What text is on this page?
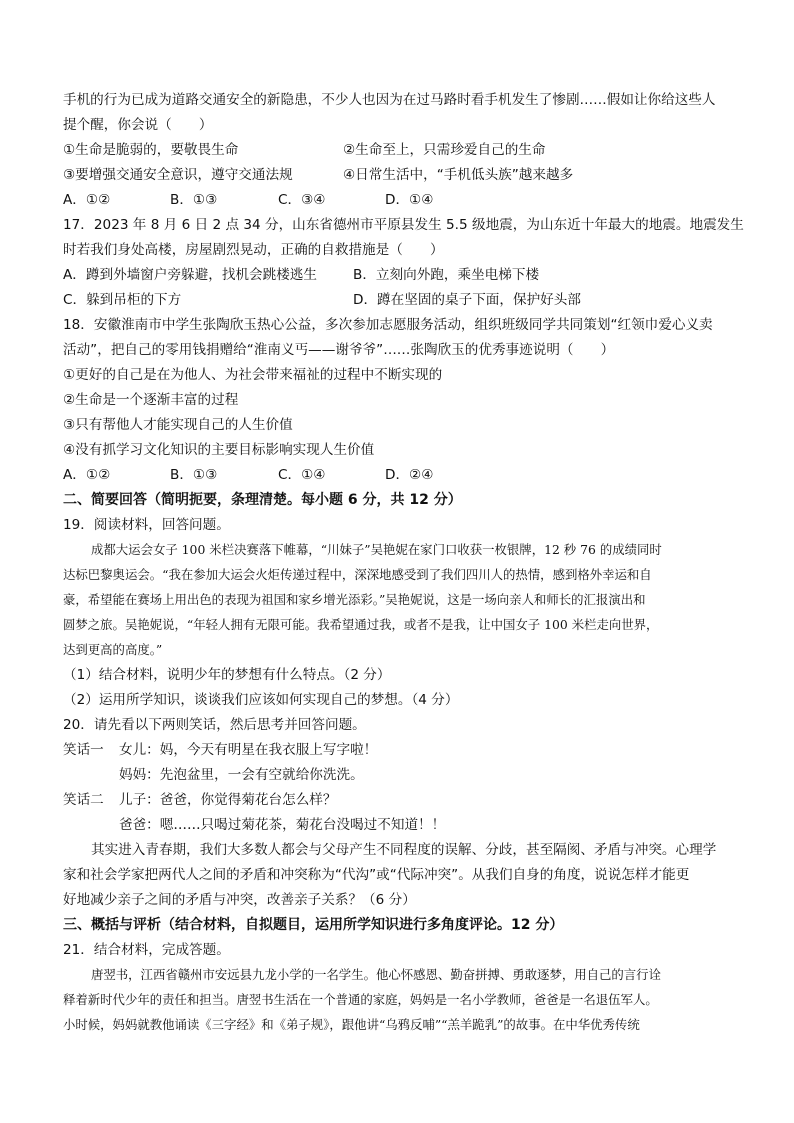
手机的行为已成为道路交通安全的新隐患，不少人也因为在过马路时看手机发生了惨剧……假如让你给这些人
提个醒，你会说（　　）
①生命是脆弱的，要敬畏生命	②生命至上，只需珍爱自己的生命
③要增强交通安全意识，遵守交通法规	④日常生活中，“手机低头族”越来越多
A．①②	B．①③	C．③④	D．①④
17．2023 年 8 月 6 日 2 点 34 分，山东省德州市平原县发生 5.5 级地震，为山东近十年最大的地震。地震发生
时若我们身处高楼，房屋剧烈晃动，正确的自救措施是（　　）
A．蹲到外墙窗户旁躲避，找机会跳楼逃生	B．立刻向外跑，乘坐电梯下楼
C．躲到吊柜的下方	D．蹲在坚固的桌子下面，保护好头部
18．安徽淮南市中学生张陶欣玉热心公益，多次参加志愿服务活动，组织班级同学共同策划“红领巾爱心义卖
活动”，把自己的零用钱捐赠给“淮南义丐——谢爷爷”……张陶欣玉的优秀事迹说明（　　）
①更好的自己是在为他人、为社会带来福祉的过程中不断实现的
②生命是一个逐渐丰富的过程
③只有帮他人才能实现自己的人生价值
④没有抓学习文化知识的主要目标影响实现人生价值
A．①②	B．①③	C．①④	D．②④
二、简要回答（简明扼要，条理清楚。每小题 6 分，共 12 分）
19．阅读材料，回答问题。
成都大运会女子 100 米栏决赛落下帷幕，“川妹子”吴艳妮在家门口收获一枚银牌，12 秒 76 的成绩同时
达标巴黎奥运会。“我在参加大运会火炬传递过程中，深深地感受到了我们四川人的热情，感到格外幸运和自
豪，希望能在赛场上用出色的表现为祖国和家乡增光添彩。”吴艳妮说，这是一场向亲人和师长的汇报演出和
圆梦之旅。吴艳妮说，“年轻人拥有无限可能。我希望通过我，或者不是我，让中国女子 100 米栏走向世界，
达到更高的高度。”
（1）结合材料，说明少年的梦想有什么特点。（2 分）
（2）运用所学知识，谈谈我们应该如何实现自己的梦想。（4 分）
20．请先看以下两则笑话，然后思考并回答问题。
笑话一 女儿：妈，今天有明星在我衣服上写字啦！
妈妈：先泡盆里，一会有空就给你洗洗。
笑话二 儿子：爸爸，你觉得菊花台怎么样？
爸爸：嗯……只喝过菊花茶，菊花台没喝过不知道！！
其实进入青春期，我们大多数人都会与父母产生不同程度的误解、分歧，甚至隔阂、矛盾与冲突。心理学
家和社会学家把两代人之间的矛盾和冲突称为“代沟”或“代际冲突”。从我们自身的角度，说说怎样才能更
好地减少亲子之间的矛盾与冲突，改善亲子关系？（6 分）
三、概括与评析（结合材料，自拟题目，运用所学知识进行多角度评论。12 分）
21．结合材料，完成答题。
唐翌书，江西省赣州市安远县九龙小学的一名学生。他心怀感恩、勤奋拼搏、勇敢逐梦，用自己的言行诠
释着新时代少年的责任和担当。唐翌书生活在一个普通的家庭，妈妈是一名小学教师，爸爸是一名退伍军人。
小时候，妈妈就教他诵读《三字经》和《弟子规》，跟他讲“乌鸦反哺”“羔羊跪乳”的故事。在中华优秀传统
